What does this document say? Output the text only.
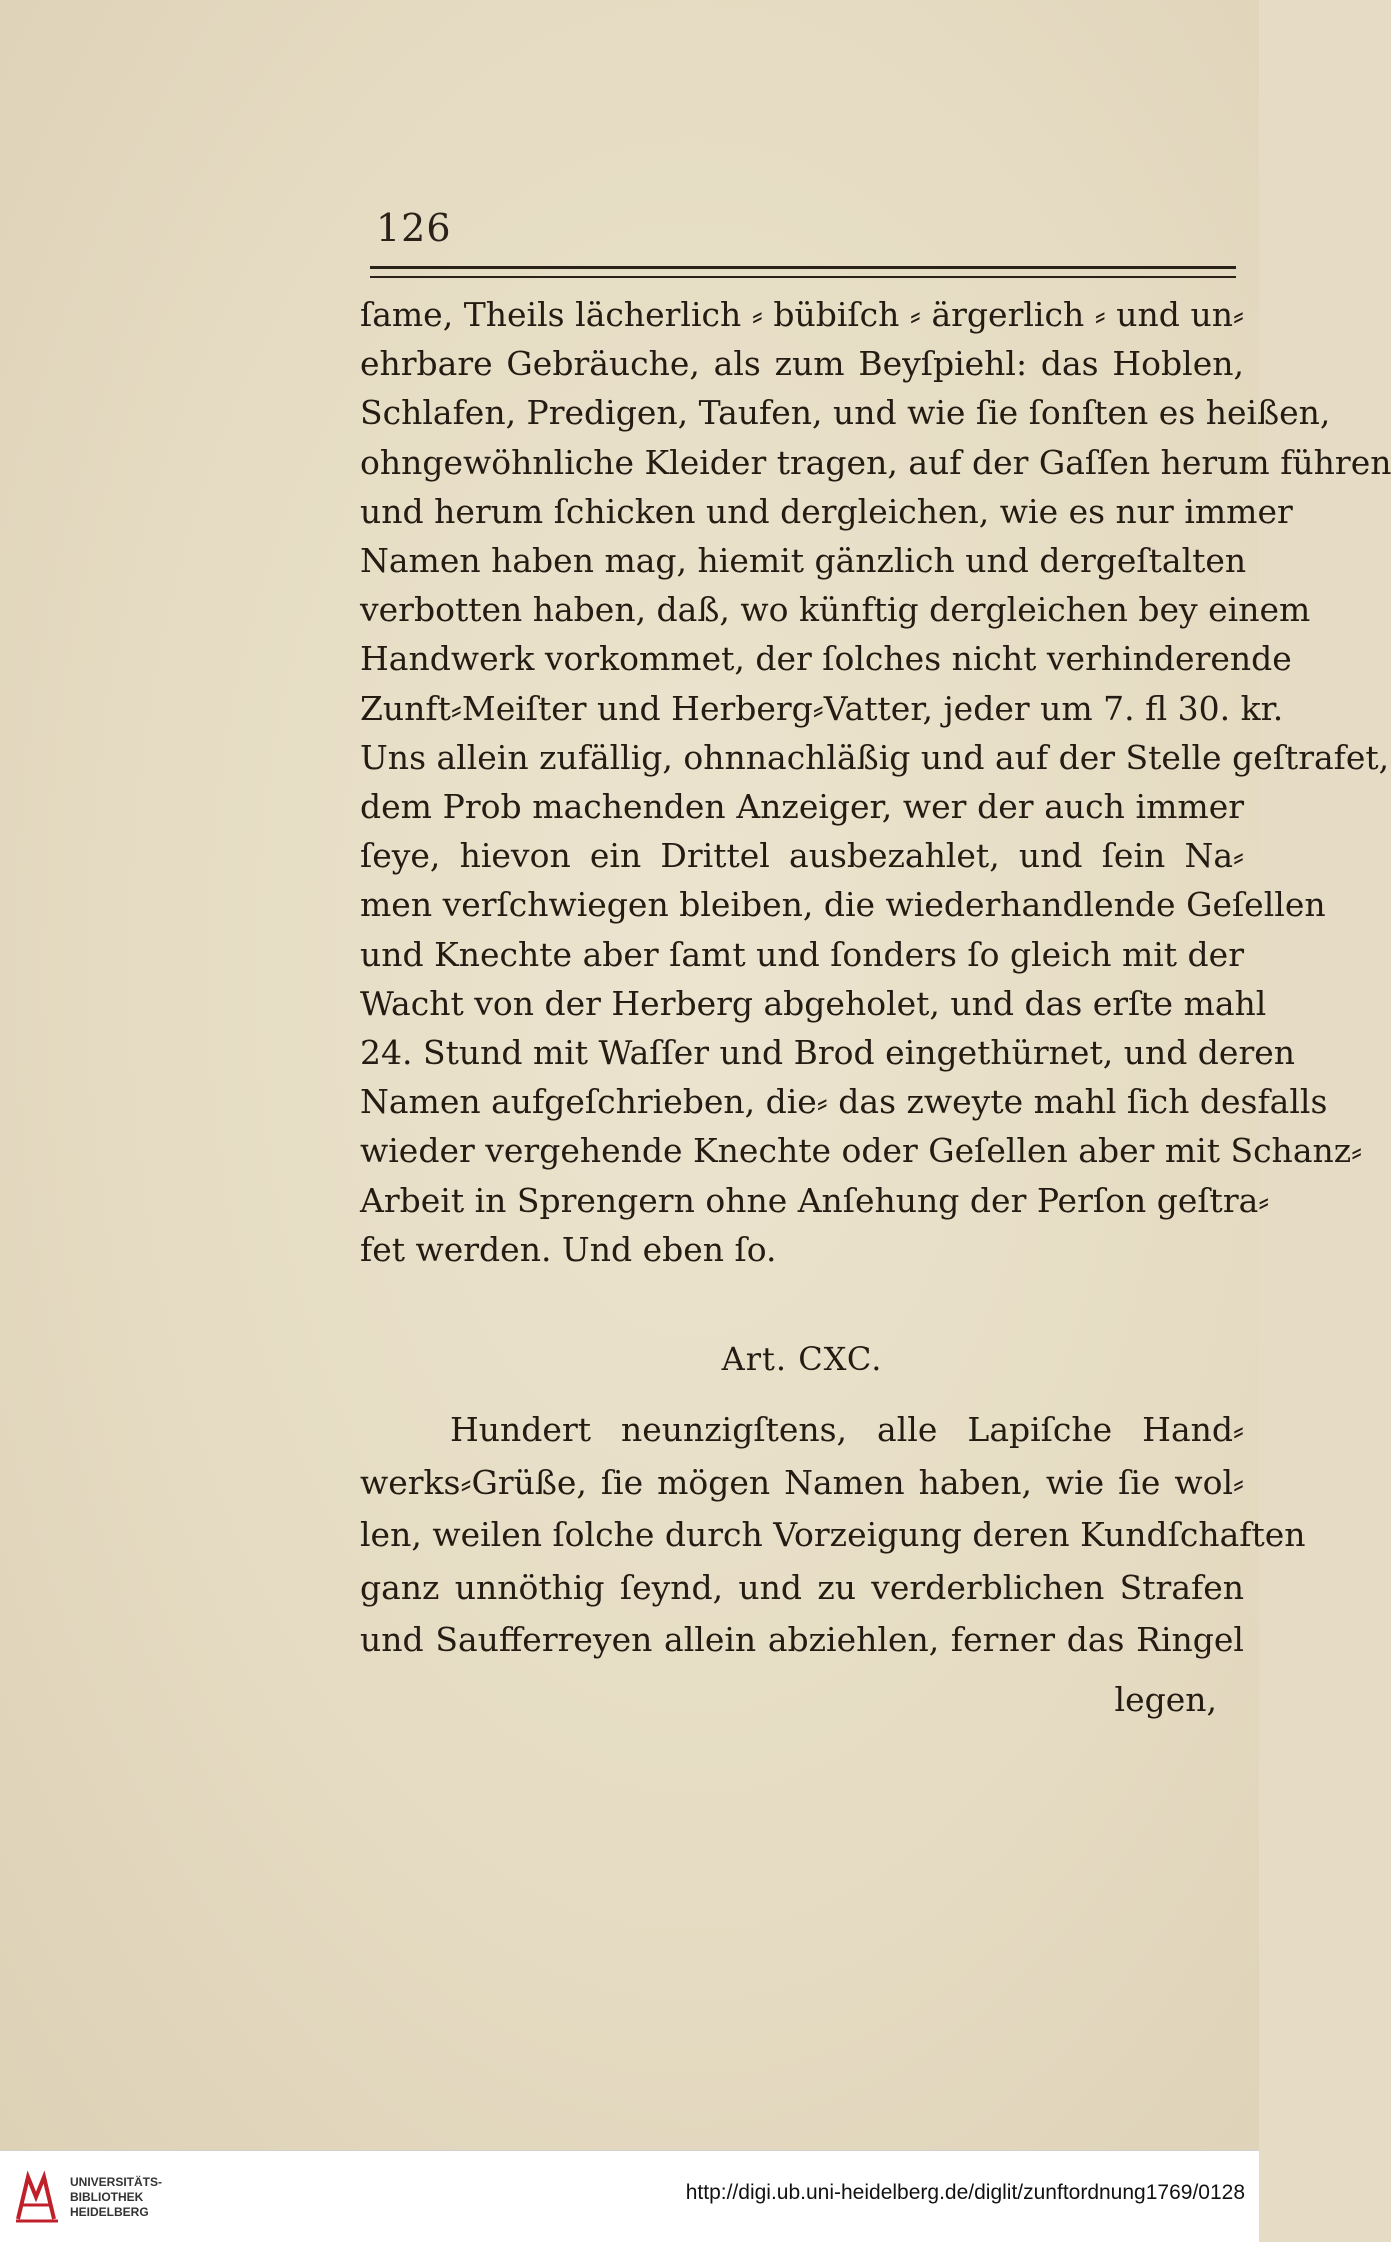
126
ſame, Theils lächerlich ⸗ bübiſch ⸗ ärgerlich ⸗ und un⸗
ehrbare Gebräuche, als zum Beyſpiehl: das Hoblen,
Schlafen, Predigen, Taufen, und wie ſie ſonſten es heißen,
ohngewöhnliche Kleider tragen, auf der Gaſſen herum führen
und herum ſchicken und dergleichen, wie es nur immer
Namen haben mag, hiemit gänzlich und dergeſtalten
verbotten haben, daß, wo künftig dergleichen bey einem
Handwerk vorkommet, der ſolches nicht verhinderende
Zunft⸗Meiſter und Herberg⸗Vatter, jeder um 7. fl 30. kr.
Uns allein zufällig, ohnnachläßig und auf der Stelle geſtrafet,
dem Prob machenden Anzeiger, wer der auch immer
ſeye, hievon ein Drittel ausbezahlet, und ſein Na⸗
men verſchwiegen bleiben, die wiederhandlende Geſellen
und Knechte aber ſamt und ſonders ſo gleich mit der
Wacht von der Herberg abgeholet, und das erſte mahl
24. Stund mit Waſſer und Brod eingethürnet, und deren
Namen aufgeſchrieben, die⸗ das zweyte mahl ſich desfalls
wieder vergehende Knechte oder Geſellen aber mit Schanz⸗
Arbeit in Sprengern ohne Anſehung der Perſon geſtra⸗
fet werden. Und eben ſo.
Art. CXC.
Hundert neunzigſtens, alle Lapiſche Hand⸗
werks⸗Grüße, ſie mögen Namen haben, wie ſie wol⸗
len, weilen ſolche durch Vorzeigung deren Kundſchaften
ganz unnöthig ſeynd, und zu verderblichen Strafen
und Saufferreyen allein abziehlen, ferner das Ringel
legen,
UNIVERSITÄTS-
BIBLIOTHEK
HEIDELBERG
http://digi.ub.uni-heidelberg.de/diglit/zunftordnung1769/0128
